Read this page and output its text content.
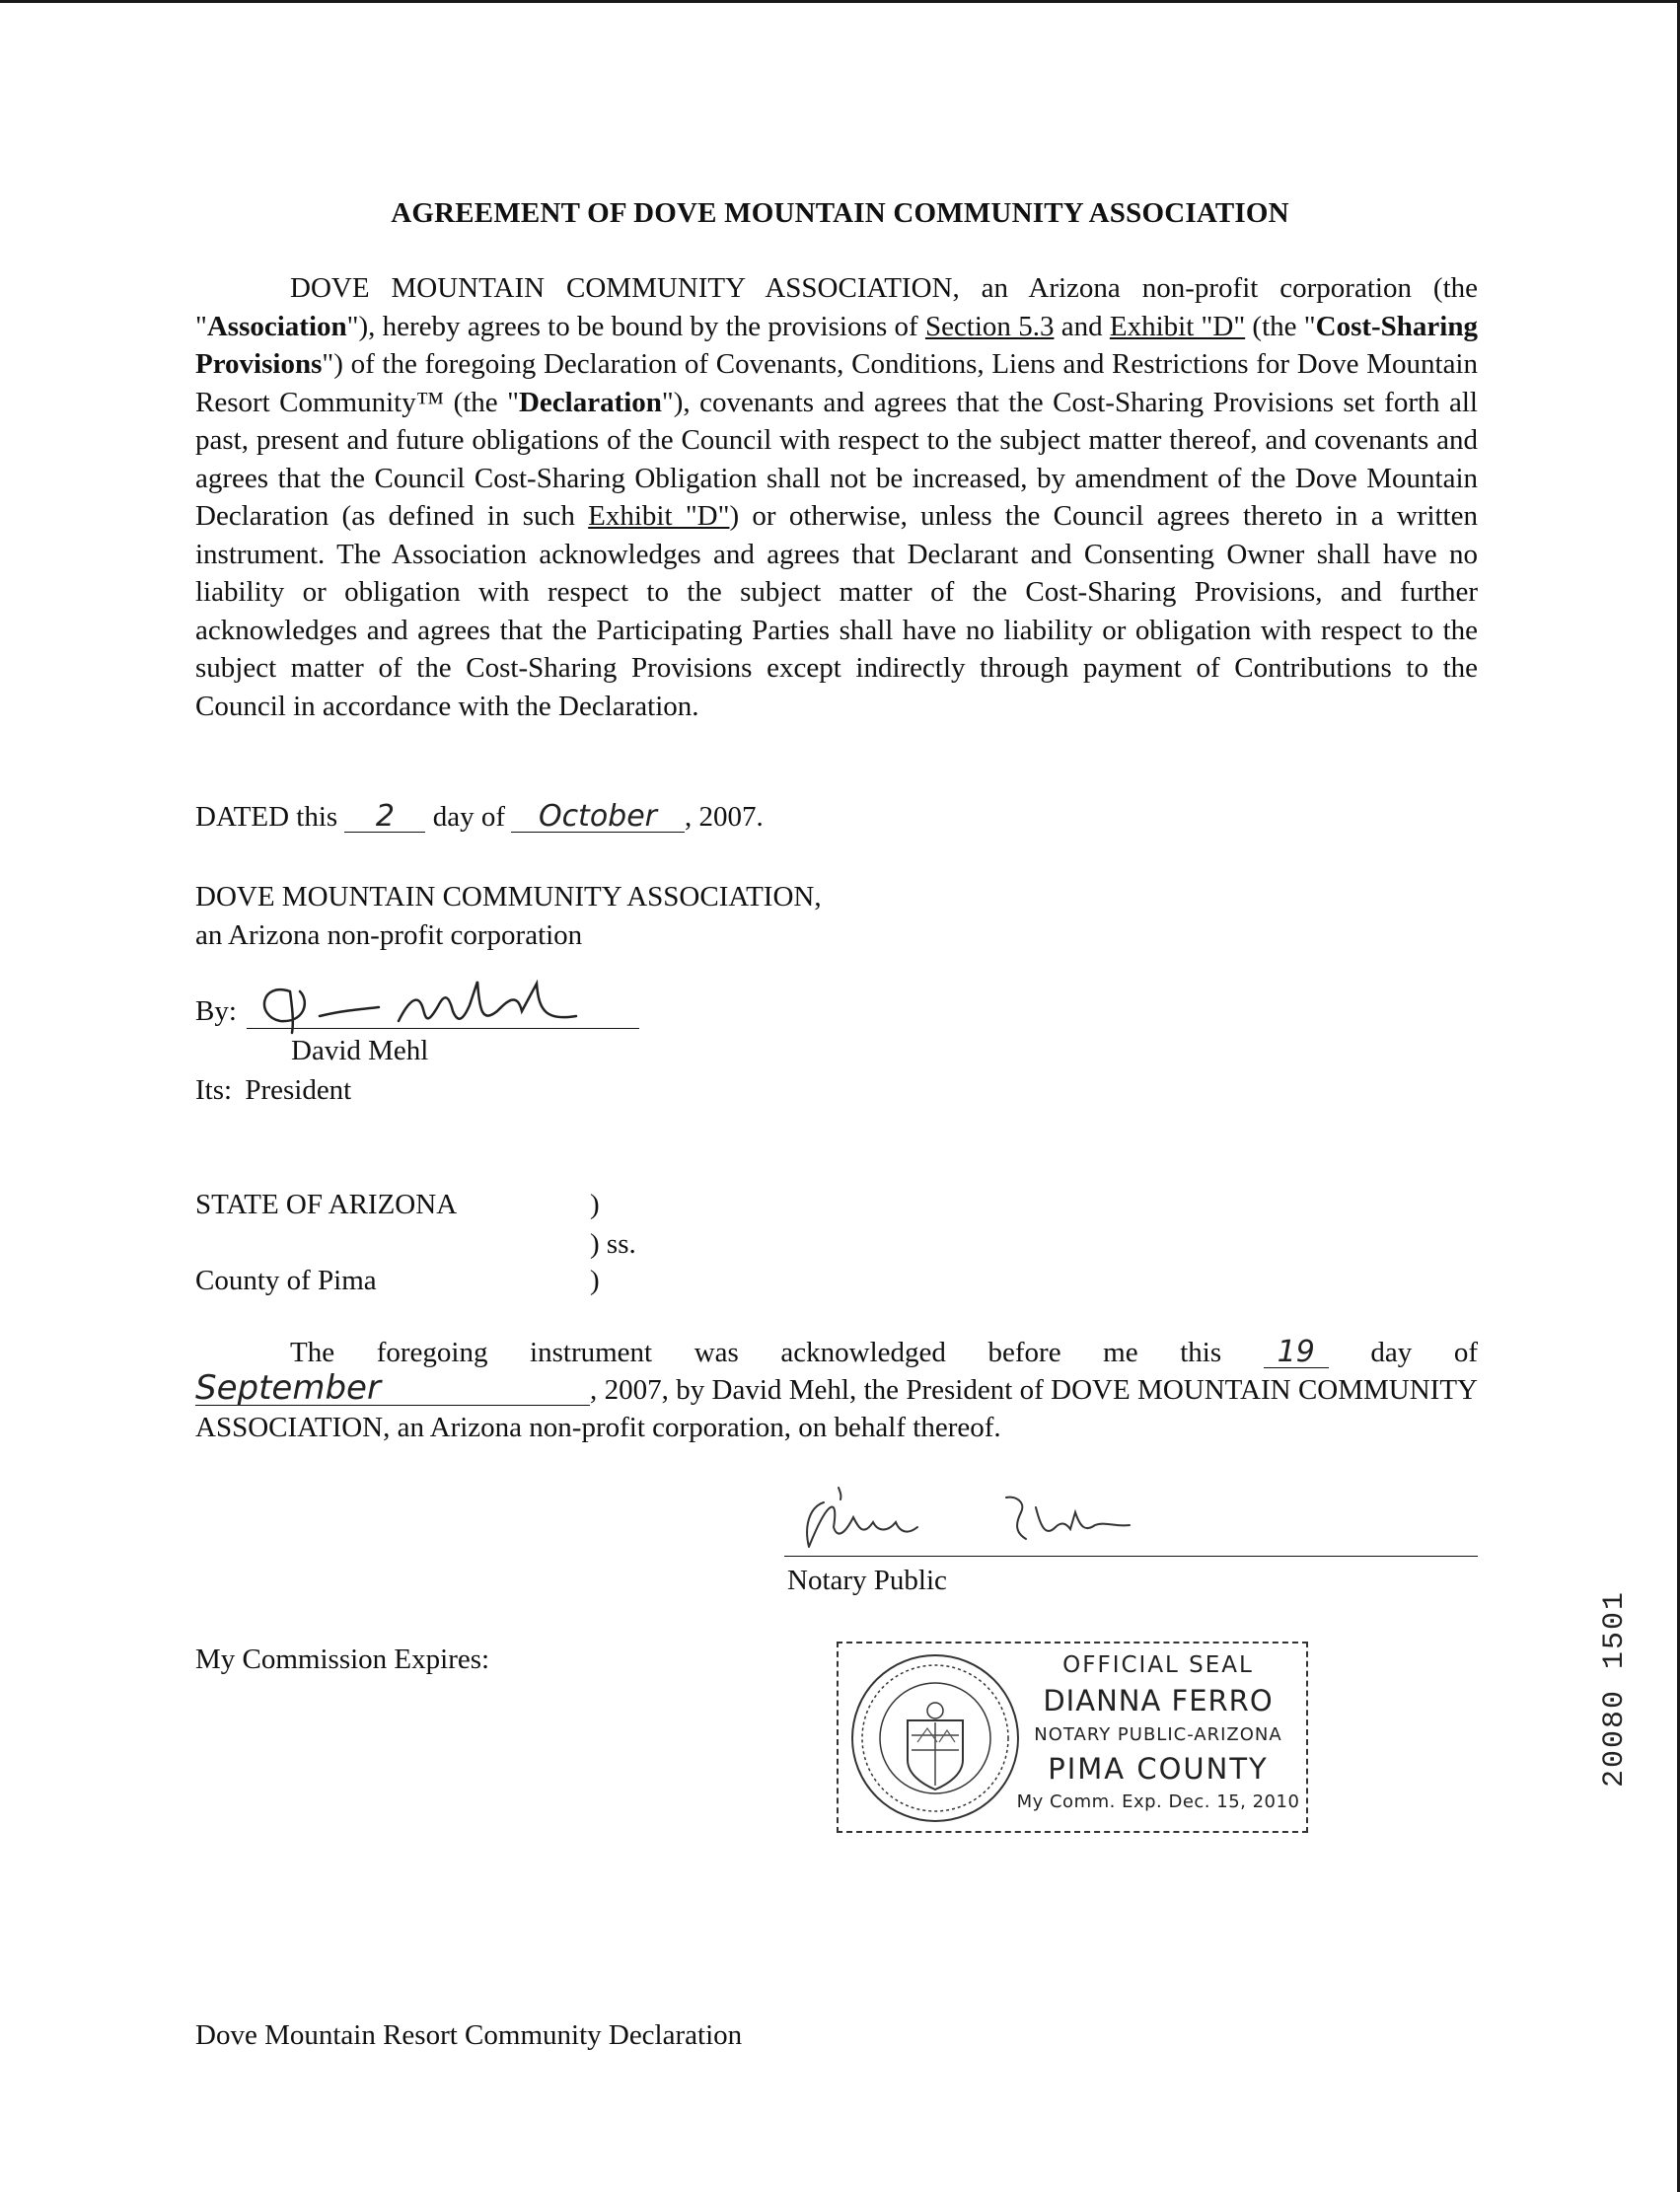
AGREEMENT OF DOVE MOUNTAIN COMMUNITY ASSOCIATION
DOVE MOUNTAIN COMMUNITY ASSOCIATION, an Arizona non-profit corporation (the "Association"), hereby agrees to be bound by the provisions of Section 5.3 and Exhibit "D" (the "Cost-Sharing Provisions") of the foregoing Declaration of Covenants, Conditions, Liens and Restrictions for Dove Mountain Resort Community™ (the "Declaration"), covenants and agrees that the Cost-Sharing Provisions set forth all past, present and future obligations of the Council with respect to the subject matter thereof, and covenants and agrees that the Council Cost-Sharing Obligation shall not be increased, by amendment of the Dove Mountain Declaration (as defined in such Exhibit "D") or otherwise, unless the Council agrees thereto in a written instrument. The Association acknowledges and agrees that Declarant and Consenting Owner shall have no liability or obligation with respect to the subject matter of the Cost-Sharing Provisions, and further acknowledges and agrees that the Participating Parties shall have no liability or obligation with respect to the subject matter of the Cost-Sharing Provisions except indirectly through payment of Contributions to the Council in accordance with the Declaration.
DATED this 2 day of October , 2007.
DOVE MOUNTAIN COMMUNITY ASSOCIATION,
an Arizona non-profit corporation
By:
David Mehl
Its: President
STATE OF ARIZONA	)
) ss.
County of Pima	)
The foregoing instrument was acknowledged before me this 19 day of September	, 2007, by David Mehl, the President of DOVE MOUNTAIN COMMUNITY ASSOCIATION, an Arizona non-profit corporation, on behalf thereof.
Notary Public
My Commission Expires:	OFFICIAL SEAL
DIANNA FERRO
NOTARY PUBLIC-ARIZONA
PIMA COUNTY
My Comm. Exp. Dec. 15, 2010
20080 1501
Dove Mountain Resort Community Declaration
